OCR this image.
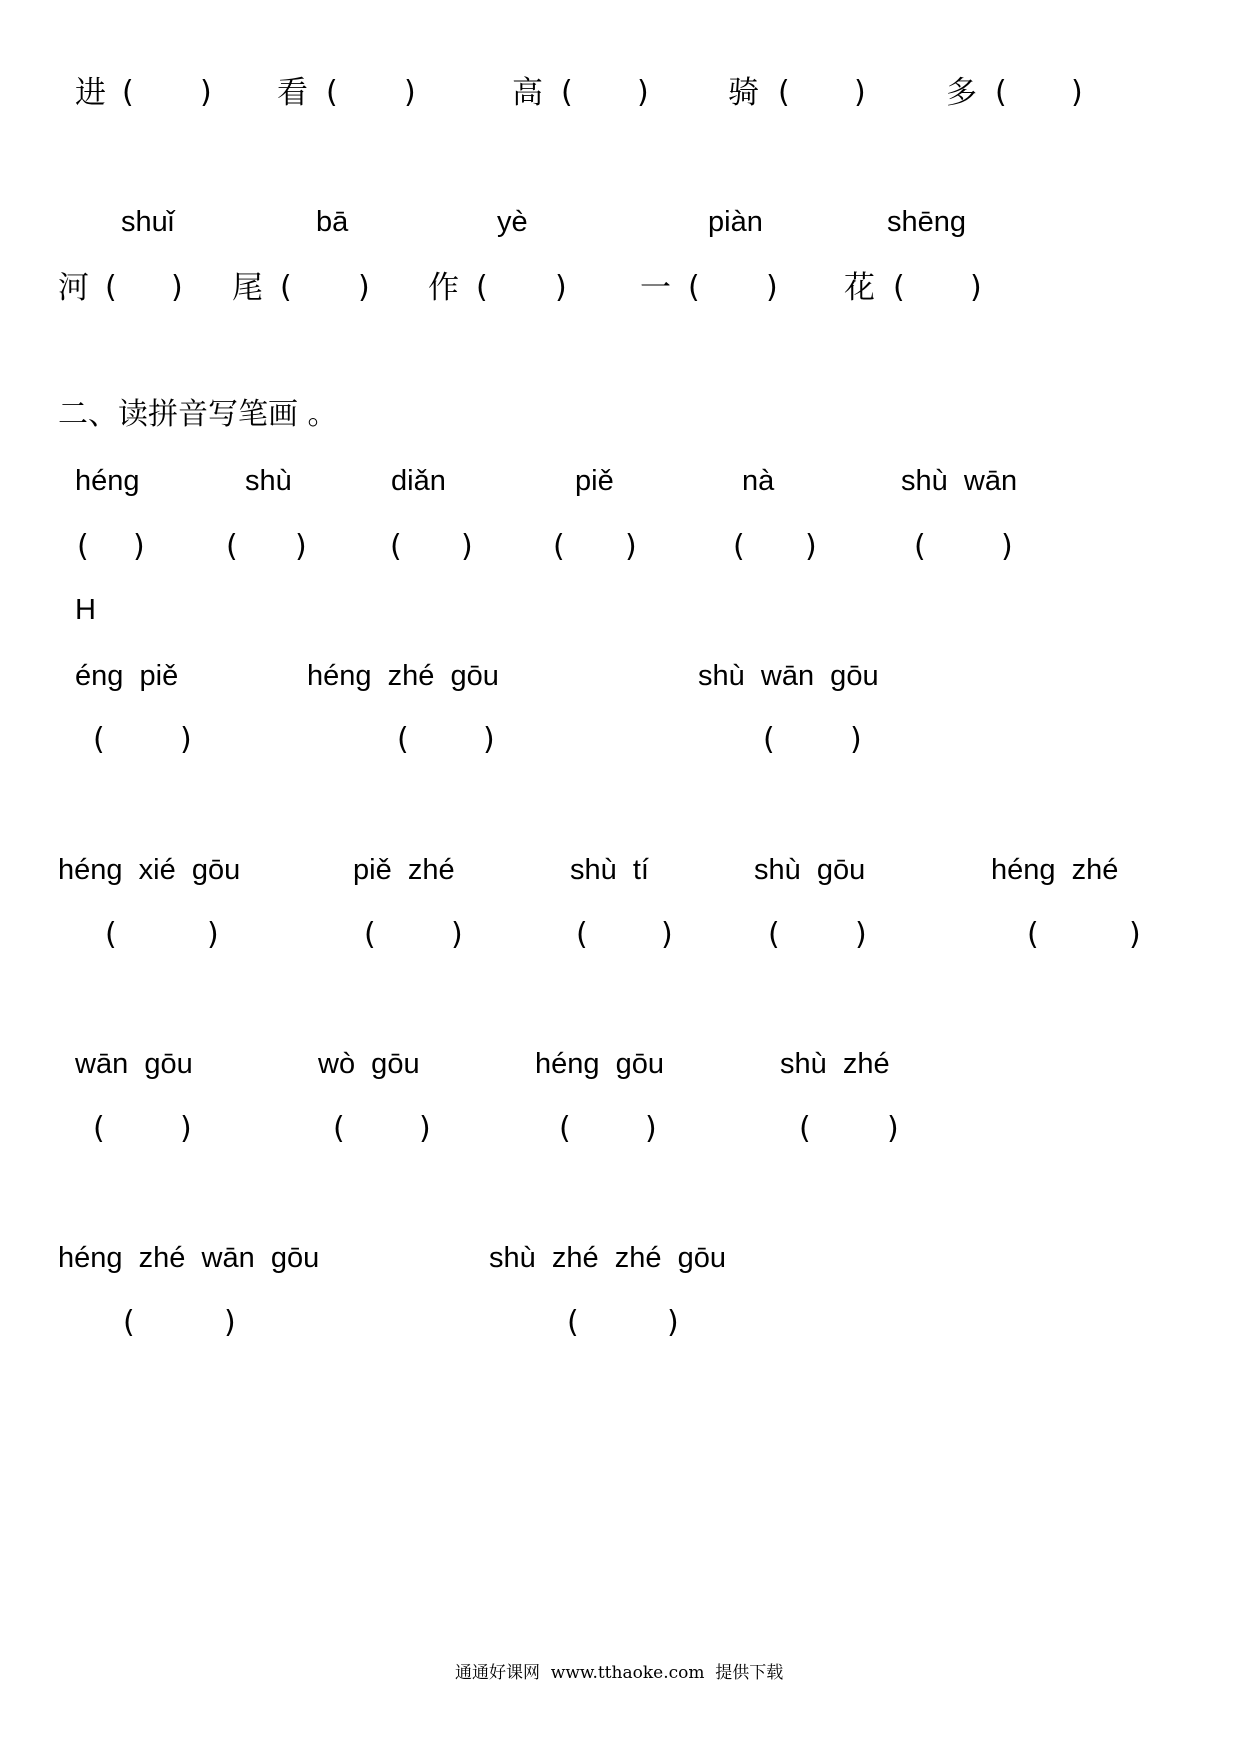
进 ( ) 看 ( )	高 ( )	骑 ( )	多 ( )
shuǐ	bā	yè	piàn	shēng
河 ( ) 尾 ( ) 作 ( ) 一 ( ) 花 ( )
二、读拼音写笔画 。
héng	shù	diǎn	piě	nà	shù  wān
( )	( )	( )	( )	( )	(	)
H
éng  piě	héng  zhé  gōu	shù  wān  gōu
(	)	( )	(	)
héng  xié  gōu	piě  zhé	shù  tí	shù  gōu	héng  zhé
(	)	(	)	( )	(	)	(	)
wān  gōu	wò  gōu	héng  gōu	shù  zhé
(	)	( )	( )	(	)
héng  zhé  wān  gōu	shù  zhé  zhé  gōu
(	)	(	)
通通好课网  www.tthaoke.com  提供下载
